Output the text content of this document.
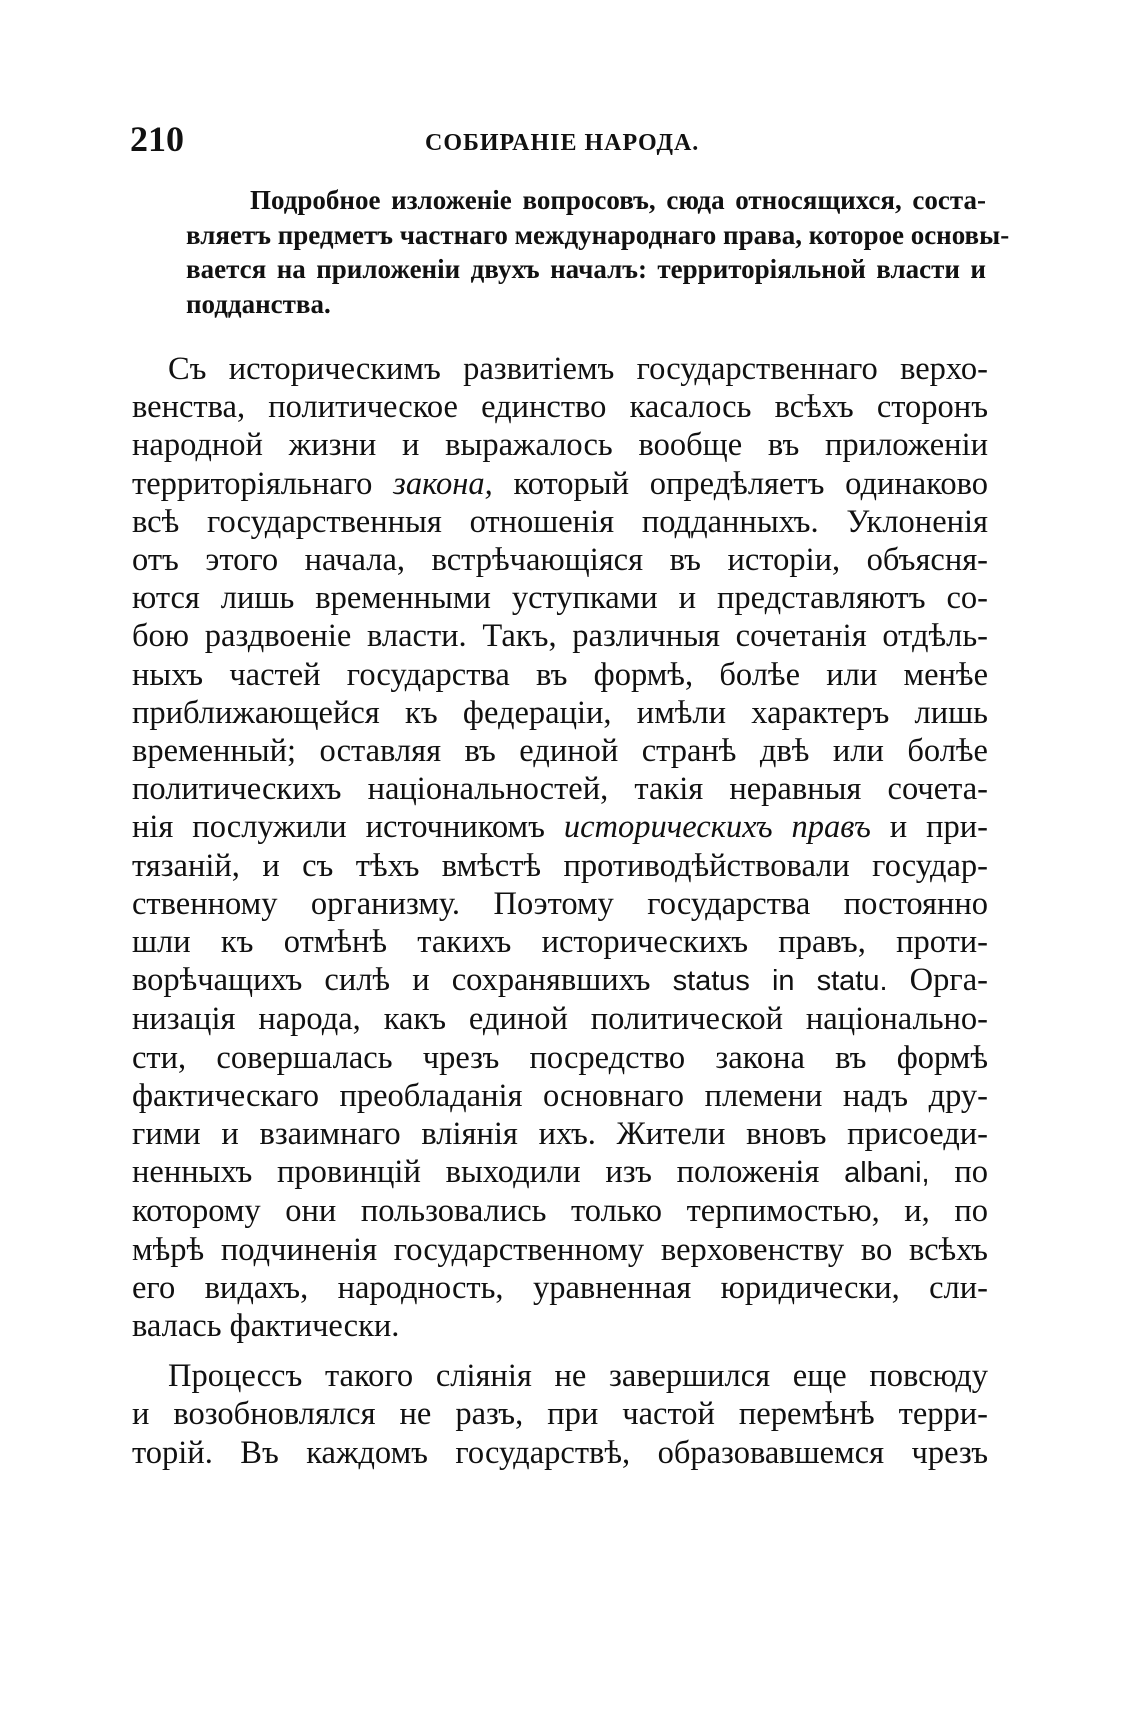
210	СОБИРАНІЕ НАРОДА.
Подробное изложеніе вопросовъ, сюда относящихся, соста-
вляетъ предметъ частнаго международнаго права, которое основы-
вается на приложеніи двухъ началъ: территоріяльной власти и
подданства.

Съ историческимъ развитіемъ государственнаго верхо-
венства, политическое единство касалось всѣхъ сторонъ
народной жизни и выражалось вообще въ приложеніи
территоріяльнаго закона, который опредѣляетъ одинаково
всѣ государственныя отношенія подданныхъ. Уклоненія
отъ этого начала, встрѣчающіяся въ исторіи, объясня-
ются лишь временными уступками и представляютъ со-
бою раздвоеніе власти. Такъ, различныя сочетанія отдѣль-
ныхъ частей государства въ формѣ, болѣе или менѣе
приближающейся къ федераціи, имѣли характеръ лишь
временный; оставляя въ единой странѣ двѣ или болѣе
политическихъ національностей, такія неравныя сочета-
нія послужили источникомъ историческихъ правъ и при-
тязаній, и съ тѣхъ вмѣстѣ противодѣйствовали государ-
ственному организму. Поэтому государства постоянно
шли къ отмѣнѣ такихъ историческихъ правъ, проти-
ворѣчащихъ силѣ и сохранявшихъ status in statu. Орга-
низація народа, какъ единой политической національно-
сти, совершалась чрезъ посредство закона въ формѣ
фактическаго преобладанія основнаго племени надъ дру-
гими и взаимнаго вліянія ихъ. Жители вновъ присоеди-
ненныхъ провинцій выходили изъ положенія albani, по
которому они пользовались только терпимостью, и, по
мѣрѣ подчиненія государственному верховенству во всѣхъ
его видахъ, народность, уравненная юридически, сли-
валась фактически.

Процессъ такого сліянія не завершился еще повсюду
и возобновлялся не разъ, при частой перемѣнѣ терри-
торій. Въ каждомъ государствѣ, образовавшемся чрезъ
